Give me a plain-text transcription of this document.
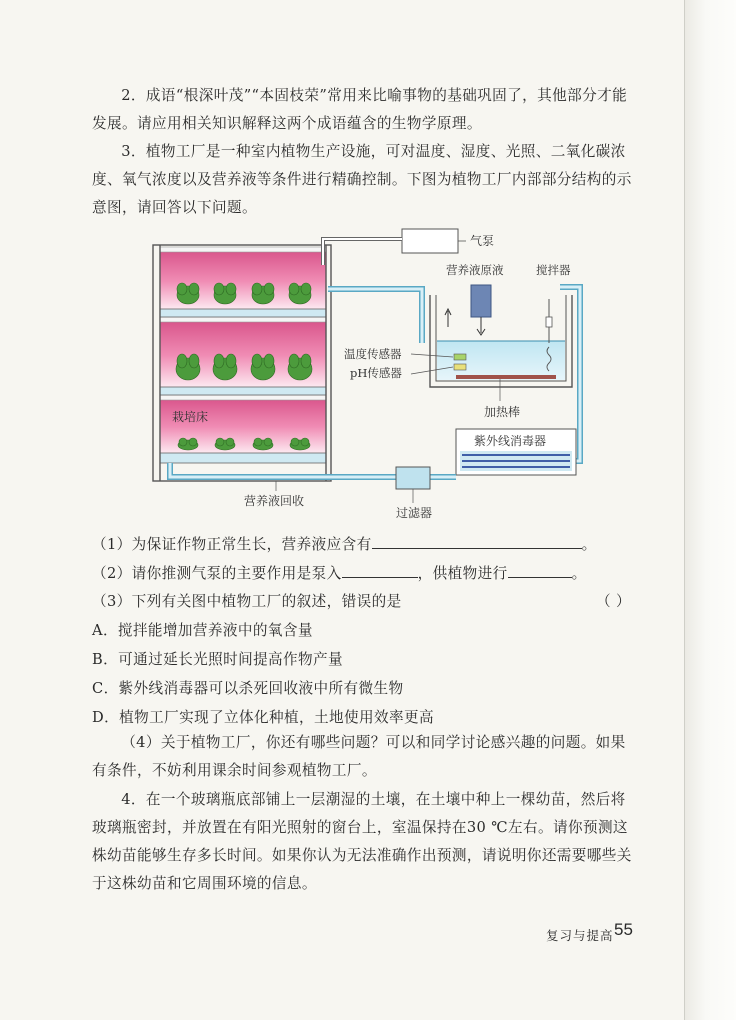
2．成语“根深叶茂”“本固枝荣”常用来比喻事物的基础巩固了，其他部分才能发展。请应用相关知识解释这两个成语蕴含的生物学原理。

3．植物工厂是一种室内植物生产设施，可对温度、湿度、光照、二氧化碳浓度、氧气浓度以及营养液等条件进行精确控制。下图为植物工厂内部部分结构的示意图，请回答以下问题。

栽培床
气泵
加热棒
温度传感器
pH传感器
营养液原液	搅拌器
紫外线消毒器
过滤器
营养液回收
（1）为保证作物正常生长，营养液应含有	。
（2）请你推测气泵的主要作用是泵入	，供植物进行	。
（3）下列有关图中植物工厂的叙述，错误的是	（ ）
A．搅拌能增加营养液中的氧含量
B．可通过延长光照时间提高作物产量
C．紫外线消毒器可以杀死回收液中所有微生物
D．植物工厂实现了立体化种植，土地使用效率更高

（4）关于植物工厂，你还有哪些问题？可以和同学讨论感兴趣的问题。如果有条件，不妨利用课余时间参观植物工厂。

4．在一个玻璃瓶底部铺上一层潮湿的土壤，在土壤中种上一棵幼苗，然后将玻璃瓶密封，并放置在有阳光照射的窗台上，室温保持在30 ℃左右。请你预测这株幼苗能够生存多长时间。如果你认为无法准确作出预测，请说明你还需要哪些关于这株幼苗和它周围环境的信息。

复习与提高 55
